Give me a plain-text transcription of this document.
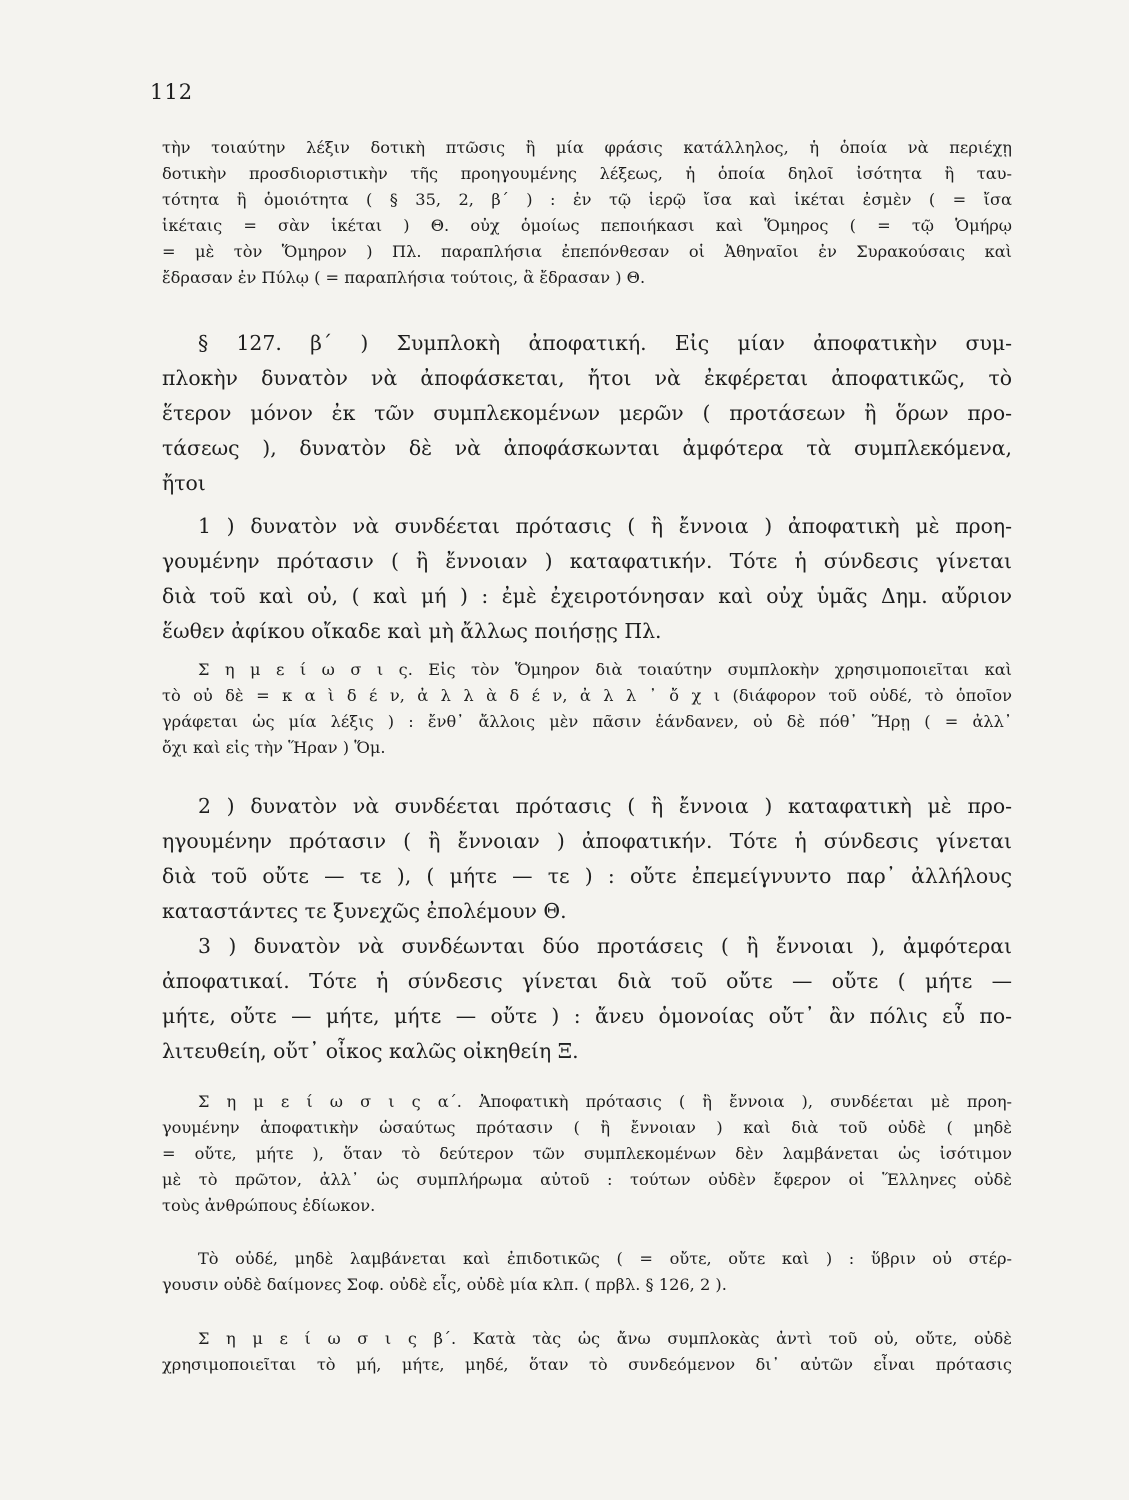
112
τὴν τοιαύτην λέξιν δοτικὴ πτῶσις ἢ μία φράσις κατάλληλος, ἡ ὁποία νὰ περιέχῃ
δοτικὴν προσδιοριστικὴν τῆς προηγουμένης λέξεως, ἡ ὁποία δηλοῖ ἰσότητα ἢ ταυ-
τότητα ἢ ὁμοιότητα ( § 35, 2, β΄ ) : ἐν τῷ ἱερῷ ἴσα καὶ ἱκέται ἐσμὲν ( = ἴσα
ἱκέταις = σὰν ἱκέται ) Θ. οὐχ ὁμοίως πεποιήκασι καὶ Ὅμηρος ( = τῷ Ὁμήρῳ
= μὲ τὸν Ὅμηρον ) Πλ. παραπλήσια ἐπεπόνθεσαν οἱ Ἀθηναῖοι ἐν Συρακούσαις καὶ
ἔδρασαν ἐν Πύλῳ ( = παραπλήσια τούτοις, ἃ ἔδρασαν ) Θ.
§ 127. β΄ ) Συμπλοκὴ ἀποφατική. Εἰς μίαν ἀποφατικὴν συμ-
πλοκὴν δυνατὸν νὰ ἀποφάσκεται, ἤτοι νὰ ἐκφέρεται ἀποφατικῶς, τὸ
ἕτερον μόνον ἐκ τῶν συμπλεκομένων μερῶν ( προτάσεων ἢ ὅρων προ-
τάσεως ), δυνατὸν δὲ νὰ ἀποφάσκωνται ἀμφότερα τὰ συμπλεκόμενα,
ἤτοι
1 ) δυνατὸν νὰ συνδέεται πρότασις ( ἢ ἔννοια ) ἀποφατικὴ μὲ προη-
γουμένην πρότασιν ( ἢ ἔννοιαν ) καταφατικήν. Τότε ἡ σύνδεσις γίνεται
διὰ τοῦ καὶ οὐ, ( καὶ μή ) : ἐμὲ ἐχειροτόνησαν καὶ οὐχ ὑμᾶς Δημ. αὔριον
ἕωθεν ἀφίκου οἴκαδε καὶ μὴ ἄλλως ποιήσῃς Πλ.
Σ η μ ε ί ω σ ι ς. Εἰς τὸν Ὅμηρον διὰ τοιαύτην συμπλοκὴν χρησιμοποιεῖται καὶ
τὸ οὐ δὲ = κ α ὶ δ έ ν, ἀ λ λ ὰ δ έ ν, ἀ λ λ ᾿ ὄ χ ι (διάφορον τοῦ οὐδέ, τὸ ὁποῖον
γράφεται ὡς μία λέξις ) : ἔνθ᾿ ἄλλοις μὲν πᾶσιν ἑάνδανεν, οὐ δὲ πόθ᾿ Ἥρῃ ( = ἀλλ᾿
ὄχι καὶ εἰς τὴν Ἥραν ) Ὅμ.
2 ) δυνατὸν νὰ συνδέεται πρότασις ( ἢ ἔννοια ) καταφατικὴ μὲ προ-
ηγουμένην πρότασιν ( ἢ ἔννοιαν ) ἀποφατικήν. Τότε ἡ σύνδεσις γίνεται
διὰ τοῦ οὔτε — τε ), ( μήτε — τε ) : οὔτε ἐπεμείγνυντο παρ᾿ ἀλλήλους
καταστάντες τε ξυνεχῶς ἐπολέμουν Θ.
3 ) δυνατὸν νὰ συνδέωνται δύο προτάσεις ( ἢ ἔννοιαι ), ἀμφότεραι
ἀποφατικαί. Τότε ἡ σύνδεσις γίνεται διὰ τοῦ οὔτε — οὔτε ( μήτε —
μήτε, οὔτε — μήτε, μήτε — οὔτε ) : ἄνευ ὁμονοίας οὔτ᾿ ἂν πόλις εὖ πο-
λιτευθείη, οὔτ᾿ οἶκος καλῶς οἰκηθείη Ξ.
Σ η μ ε ί ω σ ι ς α΄. Ἀποφατικὴ πρότασις ( ἢ ἔννοια ), συνδέεται μὲ προη-
γουμένην ἀποφατικὴν ὡσαύτως πρότασιν ( ἢ ἔννοιαν ) καὶ διὰ τοῦ οὐδὲ ( μηδὲ
= οὔτε, μήτε ), ὅταν τὸ δεύτερον τῶν συμπλεκομένων δὲν λαμβάνεται ὡς ἰσότιμον
μὲ τὸ πρῶτον, ἀλλ᾿ ὡς συμπλήρωμα αὐτοῦ : τούτων οὐδὲν ἔφερον οἱ Ἕλληνες οὐδὲ
τοὺς ἀνθρώπους ἐδίωκον.
Τὸ οὐδέ, μηδὲ λαμβάνεται καὶ ἐπιδοτικῶς ( = οὔτε, οὔτε καὶ ) : ὕβριν οὐ στέρ-
γουσιν οὐδὲ δαίμονες Σοφ. οὐδὲ εἷς, οὐδὲ μία κλπ. ( πρβλ. § 126, 2 ).
Σ η μ ε ί ω σ ι ς β΄. Κατὰ τὰς ὡς ἄνω συμπλοκὰς ἀντὶ τοῦ οὐ, οὔτε, οὐδὲ
χρησιμοποιεῖται τὸ μή, μήτε, μηδέ, ὅταν τὸ συνδεόμενον δι᾿ αὐτῶν εἶναι πρότασις
